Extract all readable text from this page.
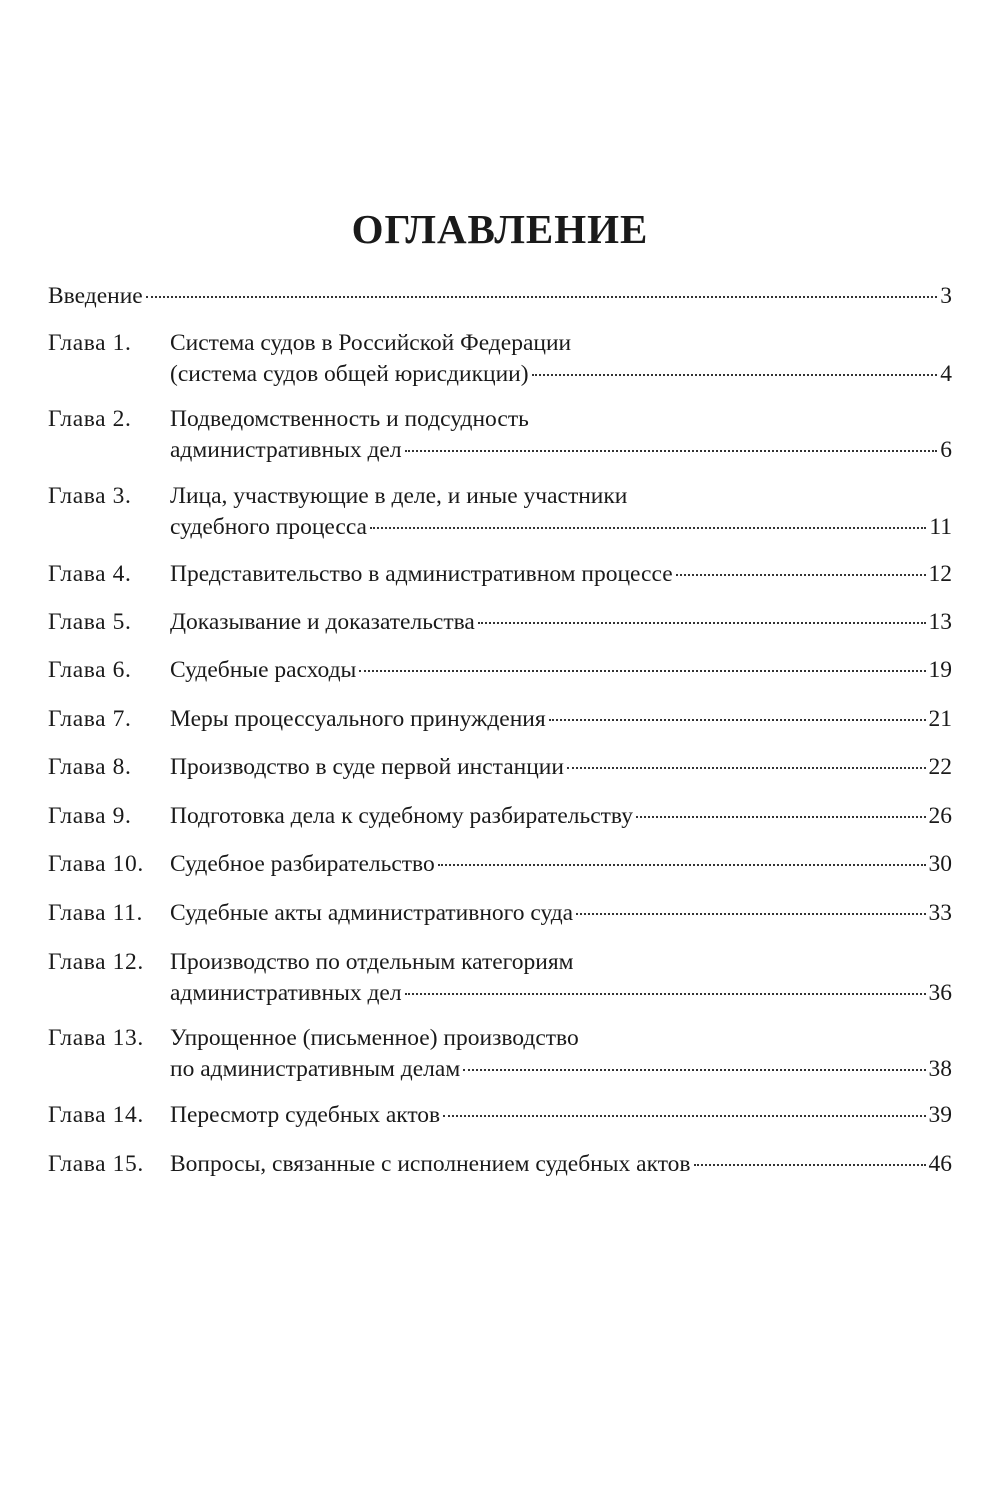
ОГЛАВЛЕНИЕ
Введение	3
Глава 1. Система судов в Российской Федерации
(система судов общей юрисдикции)	4
Глава 2. Подведомственность и подсудность
административных дел	6
Глава 3. Лица, участвующие в деле, и иные участники
судебного процесса	11
Глава 4. Представительство в административном процессе	12
Глава 5. Доказывание и доказательства	13
Глава 6. Судебные расходы	19
Глава 7. Меры процессуального принуждения	21
Глава 8. Производство в суде первой инстанции	22
Глава 9. Подготовка дела к судебному разбирательству	26
Глава 10. Судебное разбирательство	30
Глава 11. Судебные акты административного суда	33
Глава 12. Производство по отдельным категориям
административных дел	36
Глава 13. Упрощенное (письменное) производство
по административным делам	38
Глава 14. Пересмотр судебных актов	39
Глава 15. Вопросы, связанные с исполнением судебных актов	46
